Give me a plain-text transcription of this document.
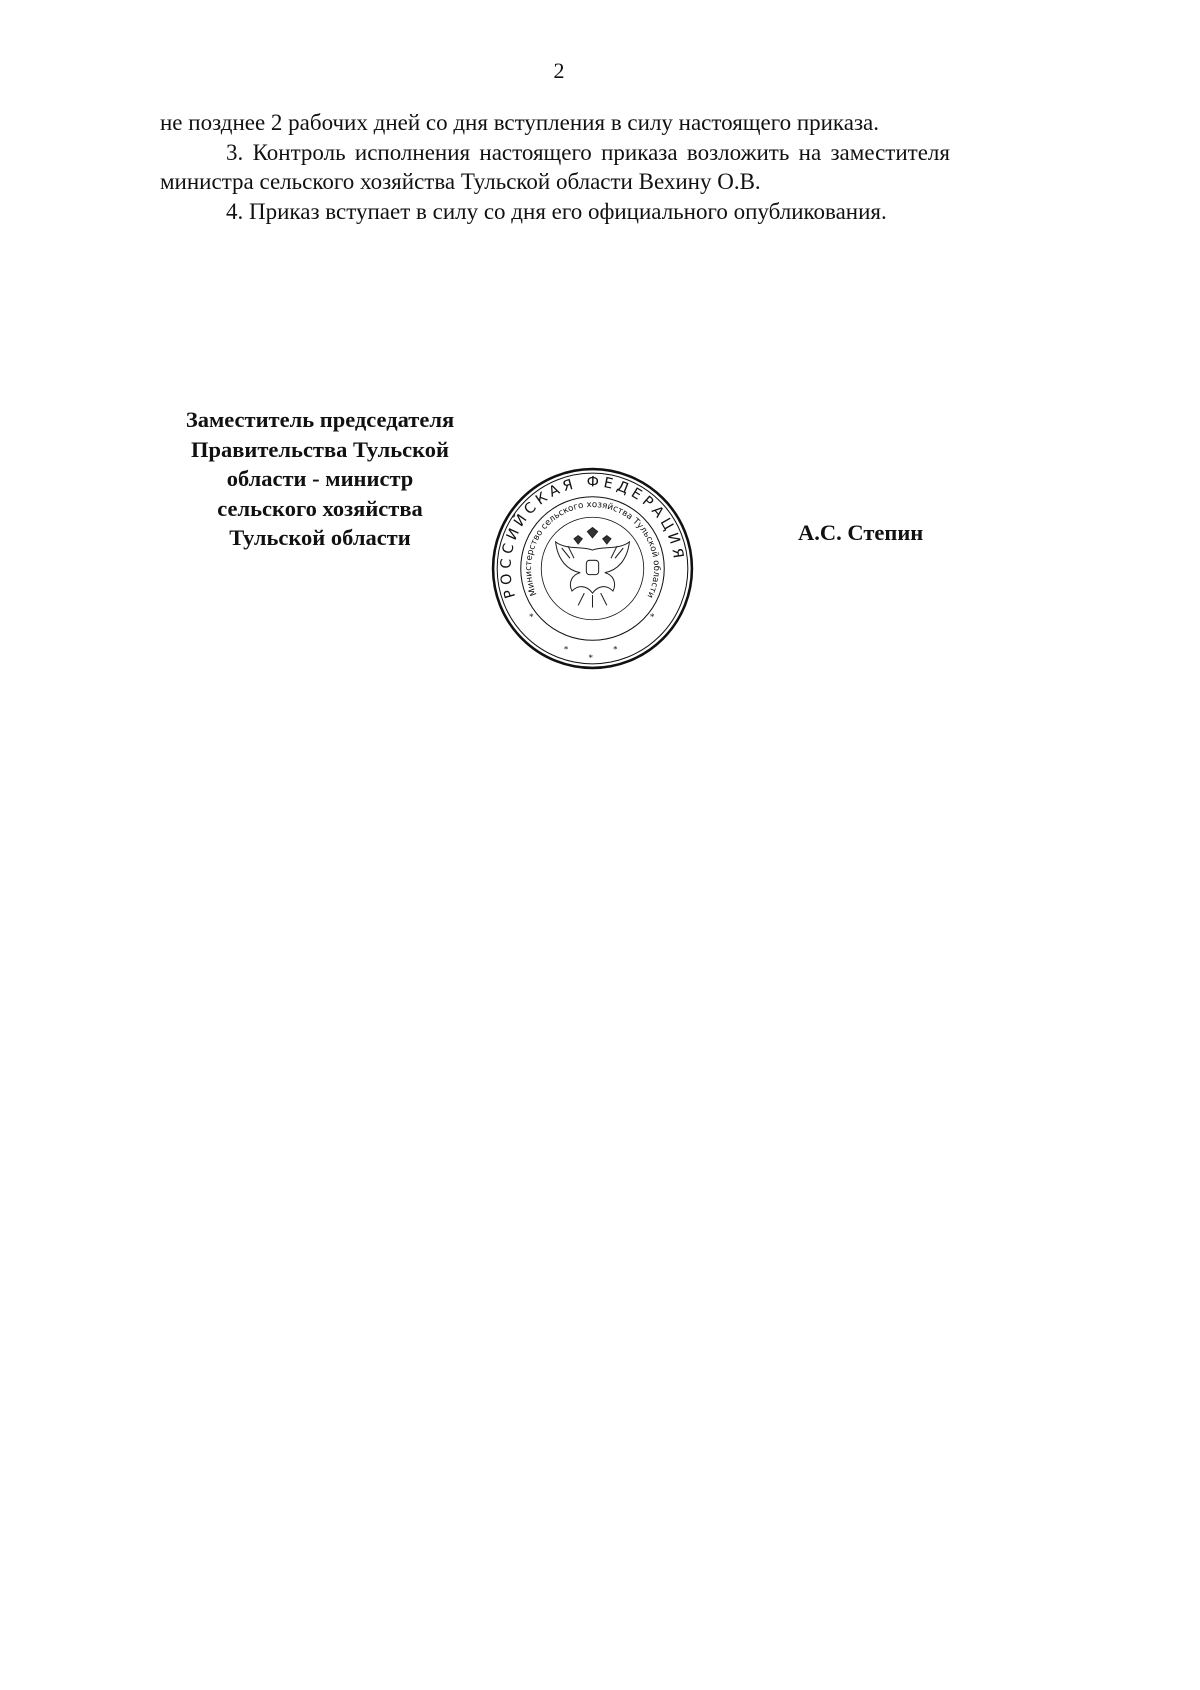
2

не позднее 2 рабочих дней со дня вступления в силу настоящего приказа.

3. Контроль исполнения настоящего приказа возложить на заместителя министра сельского хозяйства Тульской области Вехину О.В.

4. Приказ вступает в силу со дня его официального опубликования.

Заместитель председателя
Правительства Тульской
области - министр
сельского хозяйства
Тульской области
РОССИЙСКАЯ ФЕДЕРАЦИЯ
Министерство сельского хозяйства Тульской области
*
*
*
*
*
А.С. Степин
